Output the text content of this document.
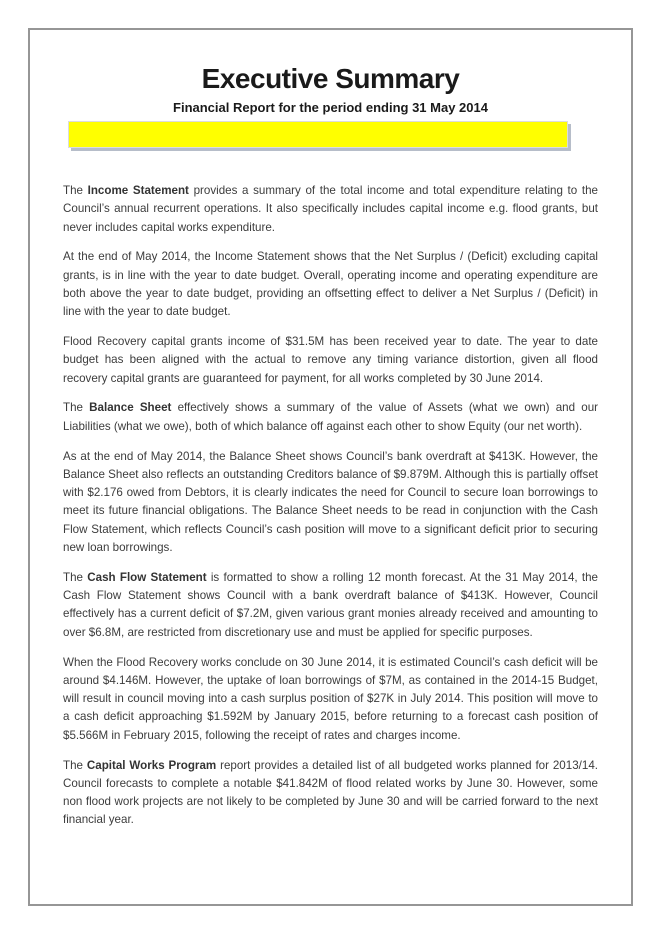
Executive Summary
Financial Report for the period ending 31 May 2014

The Income Statement provides a summary of the total income and total expenditure relating to the Council’s annual recurrent operations. It also specifically includes capital income e.g. flood grants, but never includes capital works expenditure.

At the end of May 2014, the Income Statement shows that the Net Surplus / (Deficit) excluding capital grants, is in line with the year to date budget. Overall, operating income and operating expenditure are both above the year to date budget, providing an offsetting effect to deliver a Net Surplus / (Deficit) in line with the year to date budget.

Flood Recovery capital grants income of $31.5M has been received year to date. The year to date budget has been aligned with the actual to remove any timing variance distortion, given all flood recovery capital grants are guaranteed for payment, for all works completed by 30 June 2014.

The Balance Sheet effectively shows a summary of the value of Assets (what we own) and our Liabilities (what we owe), both of which balance off against each other to show Equity (our net worth).

As at the end of May 2014, the Balance Sheet shows Council’s bank overdraft at $413K. However, the Balance Sheet also reflects an outstanding Creditors balance of $9.879M. Although this is partially offset with $2.176 owed from Debtors, it is clearly indicates the need for Council to secure loan borrowings to meet its future financial obligations. The Balance Sheet needs to be read in conjunction with the Cash Flow Statement, which reflects Council’s cash position will move to a significant deficit prior to securing new loan borrowings.

The Cash Flow Statement is formatted to show a rolling 12 month forecast. At the 31 May 2014, the Cash Flow Statement shows Council with a bank overdraft balance of $413K. However, Council effectively has a current deficit of $7.2M, given various grant monies already received and amounting to over $6.8M, are restricted from discretionary use and must be applied for specific purposes.

When the Flood Recovery works conclude on 30 June 2014, it is estimated Council’s cash deficit will be around $4.146M. However, the uptake of loan borrowings of $7M, as contained in the 2014-15 Budget, will result in council moving into a cash surplus position of $27K in July 2014. This position will move to a cash deficit approaching $1.592M by January 2015, before returning to a forecast cash position of $5.566M in February 2015, following the receipt of rates and charges income.

The Capital Works Program report provides a detailed list of all budgeted works planned for 2013/14. Council forecasts to complete a notable $41.842M of flood related works by June 30. However, some non flood work projects are not likely to be completed by June 30 and will be carried forward to the next financial year.
